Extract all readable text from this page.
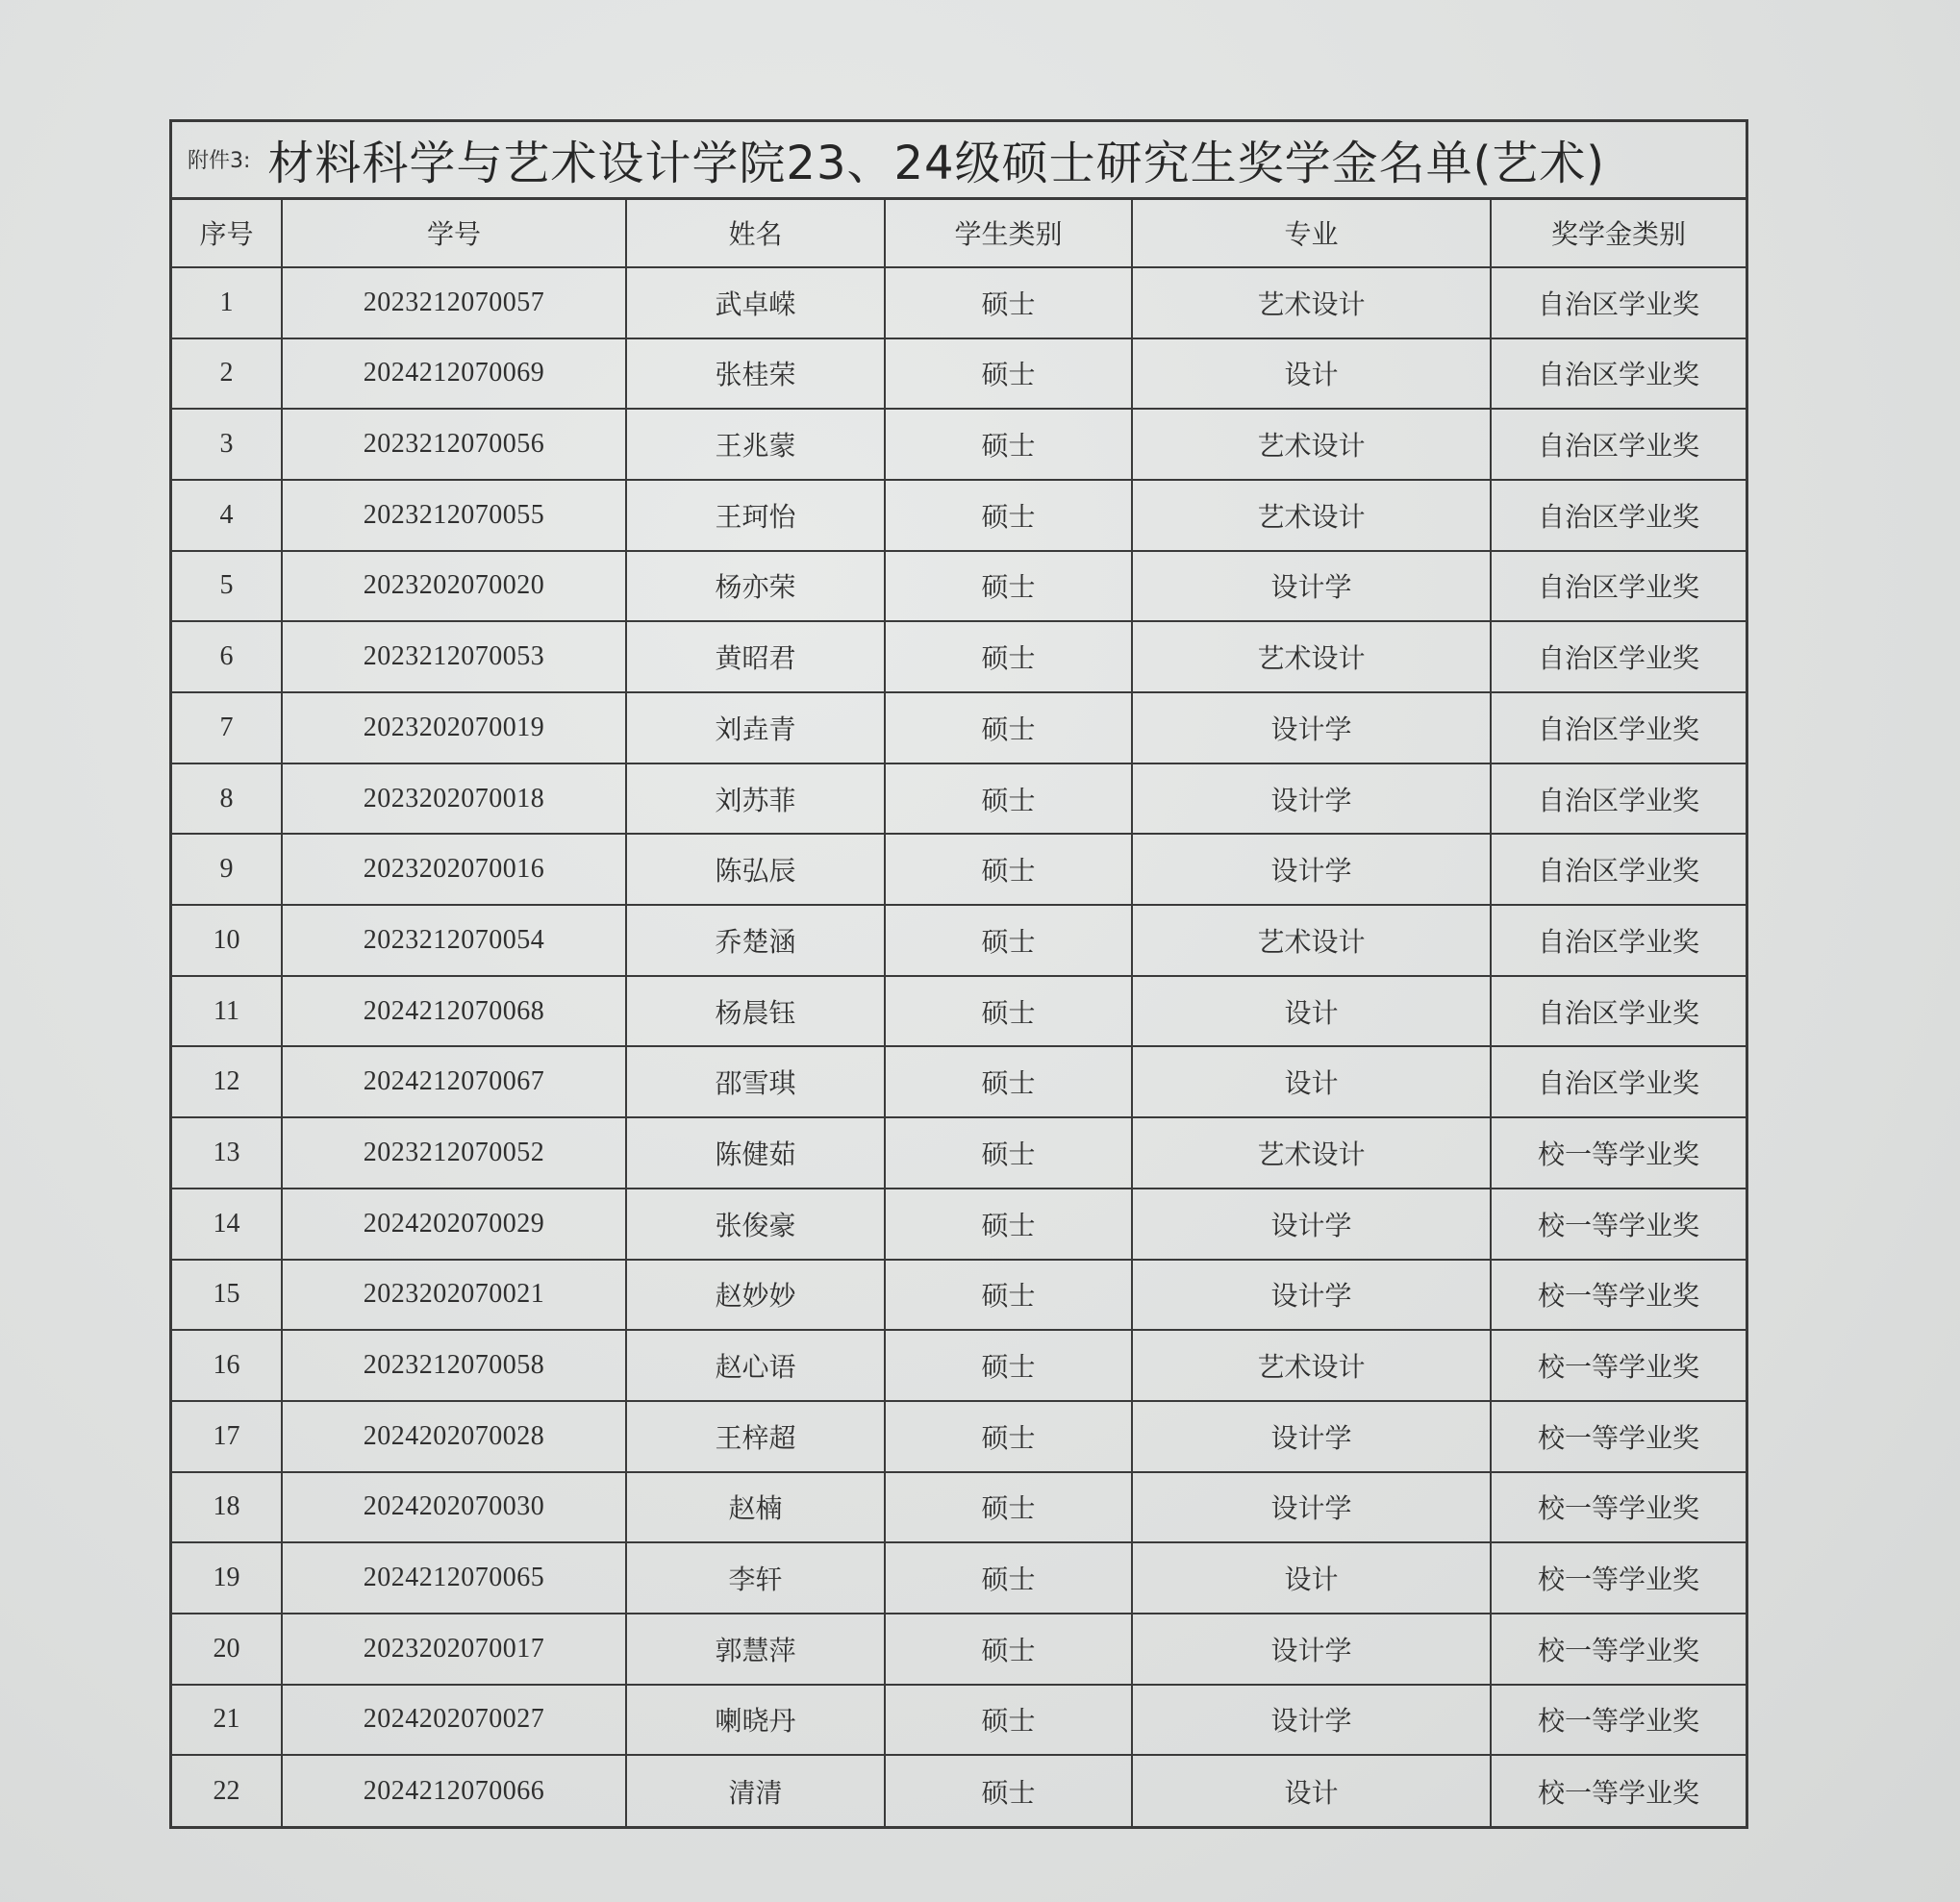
附件3: 材料科学与艺术设计学院23、24级硕士研究生奖学金名单(艺术)
序号	学号	姓名	学生类别	专业	奖学金类别
1	2023212070057	武卓嵘	硕士	艺术设计	自治区学业奖
2	2024212070069	张桂荣	硕士	设计	自治区学业奖
3	2023212070056	王兆蒙	硕士	艺术设计	自治区学业奖
4	2023212070055	王珂怡	硕士	艺术设计	自治区学业奖
5	2023202070020	杨亦荣	硕士	设计学	自治区学业奖
6	2023212070053	黄昭君	硕士	艺术设计	自治区学业奖
7	2023202070019	刘垚青	硕士	设计学	自治区学业奖
8	2023202070018	刘苏菲	硕士	设计学	自治区学业奖
9	2023202070016	陈弘辰	硕士	设计学	自治区学业奖
10	2023212070054	乔楚涵	硕士	艺术设计	自治区学业奖
11	2024212070068	杨晨钰	硕士	设计	自治区学业奖
12	2024212070067	邵雪琪	硕士	设计	自治区学业奖
13	2023212070052	陈健茹	硕士	艺术设计	校一等学业奖
14	2024202070029	张俊豪	硕士	设计学	校一等学业奖
15	2023202070021	赵妙妙	硕士	设计学	校一等学业奖
16	2023212070058	赵心语	硕士	艺术设计	校一等学业奖
17	2024202070028	王梓超	硕士	设计学	校一等学业奖
18	2024202070030	赵楠	硕士	设计学	校一等学业奖
19	2024212070065	李轩	硕士	设计	校一等学业奖
20	2023202070017	郭慧萍	硕士	设计学	校一等学业奖
21	2024202070027	喇晓丹	硕士	设计学	校一等学业奖
22	2024212070066	清清	硕士	设计	校一等学业奖
